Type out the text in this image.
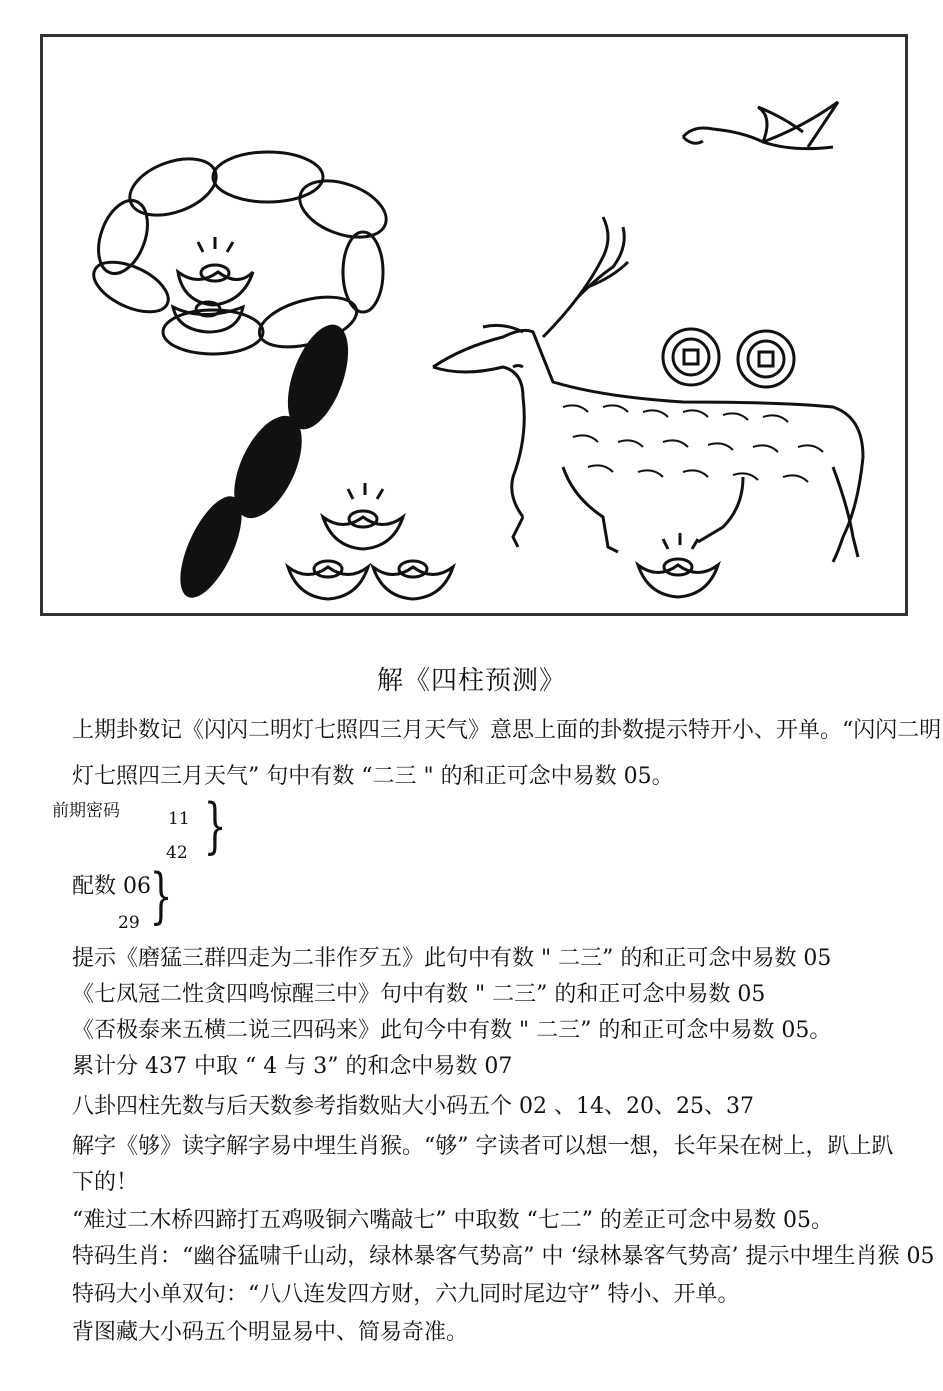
解《四柱预测》
上期卦数记《闪闪二明灯七照四三月天气》意思上面的卦数提示特开小、开单。“闪闪二明
灯七照四三月天气” 句中有数 “二三 " 的和正可念中易数 05。
前期密码	11
42 }
配数 06
29 }
提示《磨猛三群四走为二非作歹五》此句中有数 " 二三” 的和正可念中易数 05
《七凤冠二性贪四鸣惊醒三中》句中有数 " 二三” 的和正可念中易数 05
《否极泰来五横二说三四码来》此句今中有数 " 二三” 的和正可念中易数 05。
累计分 437 中取 “ 4 与 3” 的和念中易数 07
八卦四柱先数与后天数参考指数贴大小码五个 02 、14、20、25、37
解字《够》读字解字易中埋生肖猴。“够” 字读者可以想一想，长年呆在树上，趴上趴
下的！
“难过二木桥四蹄打五鸡吸铜六嘴敲七” 中取数 “七二” 的差正可念中易数 05。
特码生肖：“幽谷猛啸千山动，绿林暴客气势高” 中 ‘绿林暴客气势高’ 提示中埋生肖猴 05
特码大小单双句：“八八连发四方财，六九同时尾边守” 特小、开单。
背图藏大小码五个明显易中、简易奇准。
